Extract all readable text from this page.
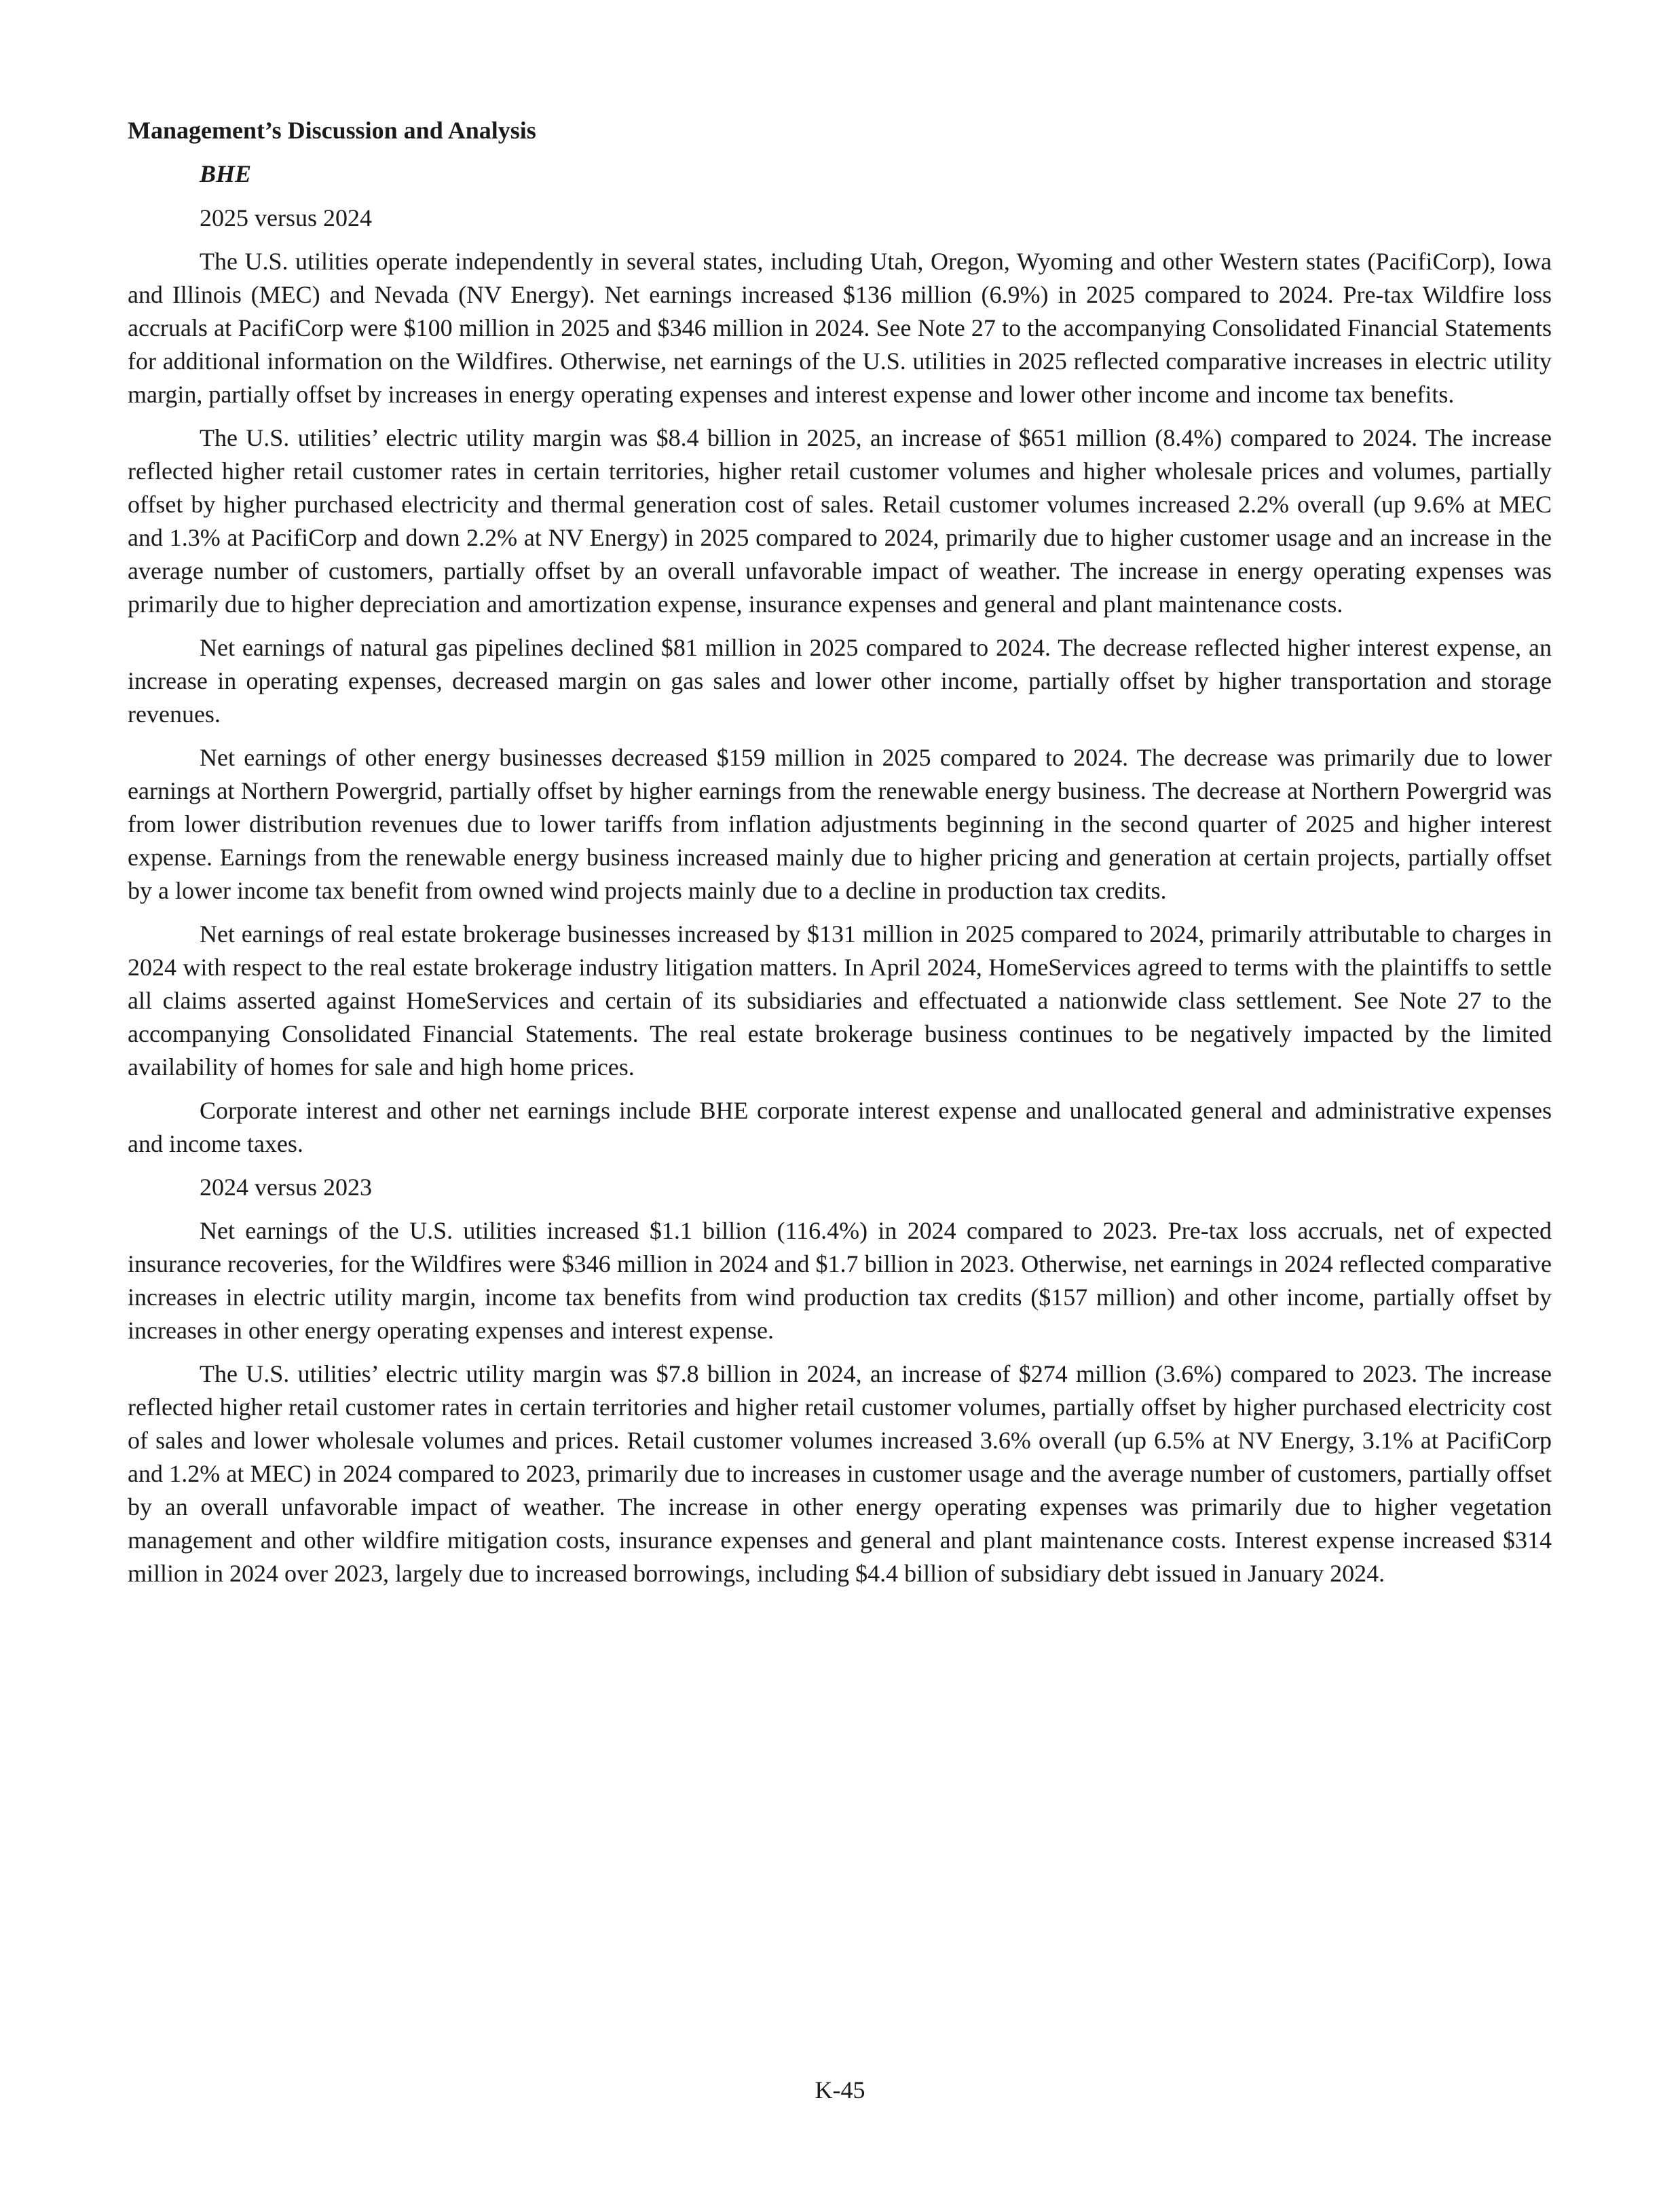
Management’s Discussion and Analysis
BHE
2025 versus 2024

The U.S. utilities operate independently in several states, including Utah, Oregon, Wyoming and other Western states (PacifiCorp), Iowa and Illinois (MEC) and Nevada (NV Energy). Net earnings increased $136 million (6.9%) in 2025 compared to 2024. Pre-tax Wildfire loss accruals at PacifiCorp were $100 million in 2025 and $346 million in 2024. See Note 27 to the accompanying Consolidated Financial Statements for additional information on the Wildfires. Otherwise, net earnings of the U.S. utilities in 2025 reflected comparative increases in electric utility margin, partially offset by increases in energy operating expenses and interest expense and lower other income and income tax benefits.

The U.S. utilities’ electric utility margin was $8.4 billion in 2025, an increase of $651 million (8.4%) compared to 2024. The increase reflected higher retail customer rates in certain territories, higher retail customer volumes and higher wholesale prices and volumes, partially offset by higher purchased electricity and thermal generation cost of sales. Retail customer volumes increased 2.2% overall (up 9.6% at MEC and 1.3% at PacifiCorp and down 2.2% at NV Energy) in 2025 compared to 2024, primarily due to higher customer usage and an increase in the average number of customers, partially offset by an overall unfavorable impact of weather. The increase in energy operating expenses was primarily due to higher depreciation and amortization expense, insurance expenses and general and plant maintenance costs.

Net earnings of natural gas pipelines declined $81 million in 2025 compared to 2024. The decrease reflected higher interest expense, an increase in operating expenses, decreased margin on gas sales and lower other income, partially offset by higher transportation and storage revenues.

Net earnings of other energy businesses decreased $159 million in 2025 compared to 2024. The decrease was primarily due to lower earnings at Northern Powergrid, partially offset by higher earnings from the renewable energy business. The decrease at Northern Powergrid was from lower distribution revenues due to lower tariffs from inflation adjustments beginning in the second quarter of 2025 and higher interest expense. Earnings from the renewable energy business increased mainly due to higher pricing and generation at certain projects, partially offset by a lower income tax benefit from owned wind projects mainly due to a decline in production tax credits.

Net earnings of real estate brokerage businesses increased by $131 million in 2025 compared to 2024, primarily attributable to charges in 2024 with respect to the real estate brokerage industry litigation matters. In April 2024, HomeServices agreed to terms with the plaintiffs to settle all claims asserted against HomeServices and certain of its subsidiaries and effectuated a nationwide class settlement. See Note 27 to the accompanying Consolidated Financial Statements. The real estate brokerage business continues to be negatively impacted by the limited availability of homes for sale and high home prices.

Corporate interest and other net earnings include BHE corporate interest expense and unallocated general and administrative expenses and income taxes.

2024 versus 2023

Net earnings of the U.S. utilities increased $1.1 billion (116.4%) in 2024 compared to 2023. Pre-tax loss accruals, net of expected insurance recoveries, for the Wildfires were $346 million in 2024 and $1.7 billion in 2023. Otherwise, net earnings in 2024 reflected comparative increases in electric utility margin, income tax benefits from wind production tax credits ($157 million) and other income, partially offset by increases in other energy operating expenses and interest expense.

The U.S. utilities’ electric utility margin was $7.8 billion in 2024, an increase of $274 million (3.6%) compared to 2023. The increase reflected higher retail customer rates in certain territories and higher retail customer volumes, partially offset by higher purchased electricity cost of sales and lower wholesale volumes and prices. Retail customer volumes increased 3.6% overall (up 6.5% at NV Energy, 3.1% at PacifiCorp and 1.2% at MEC) in 2024 compared to 2023, primarily due to increases in customer usage and the average number of customers, partially offset by an overall unfavorable impact of weather. The increase in other energy operating expenses was primarily due to higher vegetation management and other wildfire mitigation costs, insurance expenses and general and plant maintenance costs. Interest expense increased $314 million in 2024 over 2023, largely due to increased borrowings, including $4.4 billion of subsidiary debt issued in January 2024.

K-45
